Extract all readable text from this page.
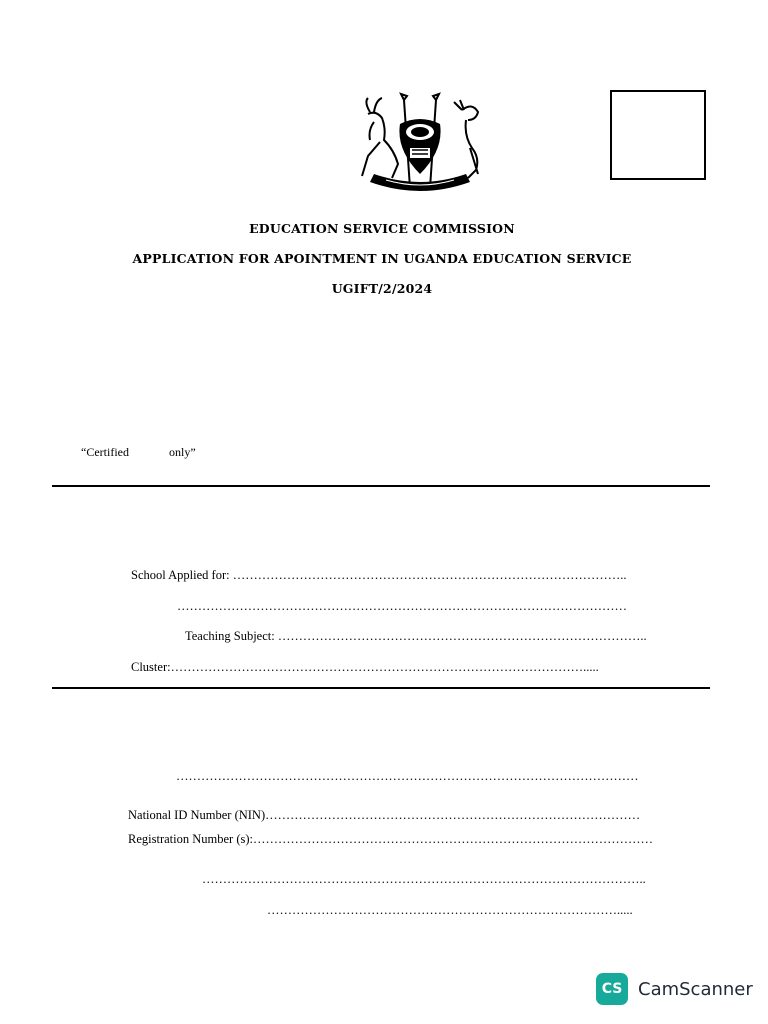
EDUCATION SERVICE COMMISSION
APPLICATION FOR APOINTMENT IN UGANDA EDUCATION SERVICE
UGIFT/2/2024
“Certified	only”
School Applied for: …………………………………………………………………………………..
………………………………………………………………………………………………
Teaching Subject: ……………………………………………………………………………..
Cluster:……………………………………………………………………………………….....
…………………………………………………………………………………………………
National ID Number (NIN)………………………………………………………………………………
Registration Number (s):……………………………………………………………………………………
……………………………………………………………………………………………..
………………………………………………………………………….....
CS CamScanner
